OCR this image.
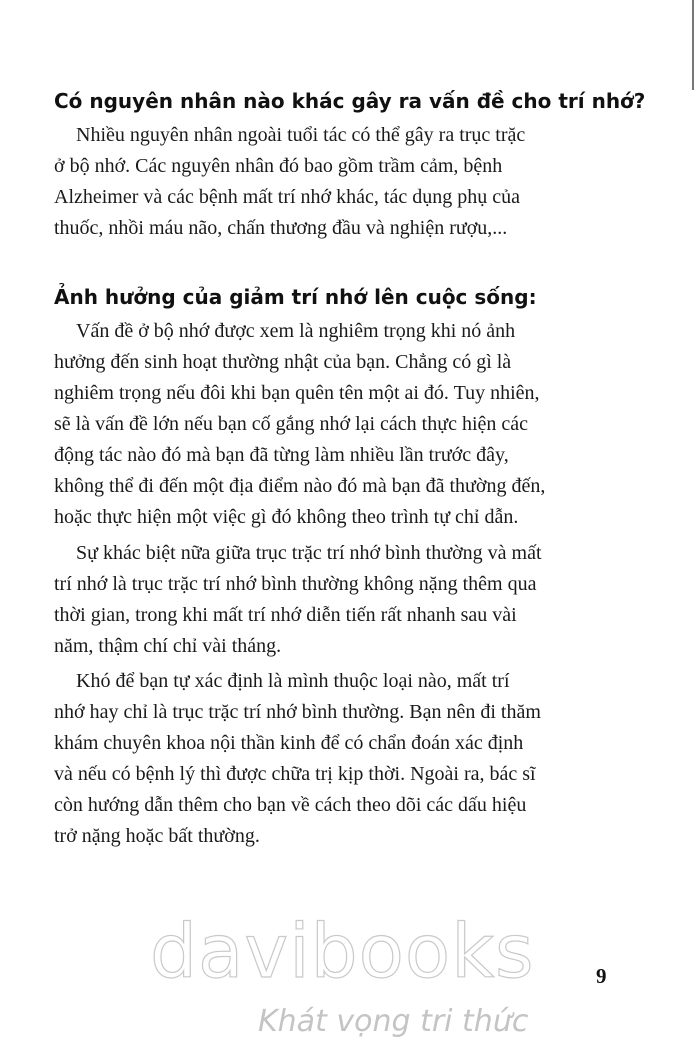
Có nguyên nhân nào khác gây ra vấn đề cho trí nhớ?
Nhiều nguyên nhân ngoài tuổi tác có thể gây ra trục trặc
ở bộ nhớ. Các nguyên nhân đó bao gồm trầm cảm, bệnh
Alzheimer và các bệnh mất trí nhớ khác, tác dụng phụ của
thuốc, nhồi máu não, chấn thương đầu và nghiện rượu,...
Ảnh hưởng của giảm trí nhớ lên cuộc sống:
Vấn đề ở bộ nhớ được xem là nghiêm trọng khi nó ảnh
hưởng đến sinh hoạt thường nhật của bạn. Chẳng có gì là
nghiêm trọng nếu đôi khi bạn quên tên một ai đó. Tuy nhiên,
sẽ là vấn đề lớn nếu bạn cố gắng nhớ lại cách thực hiện các
động tác nào đó mà bạn đã từng làm nhiều lần trước đây,
không thể đi đến một địa điểm nào đó mà bạn đã thường đến,
hoặc thực hiện một việc gì đó không theo trình tự chỉ dẫn.
Sự khác biệt nữa giữa trục trặc trí nhớ bình thường và mất
trí nhớ là trục trặc trí nhớ bình thường không nặng thêm qua
thời gian, trong khi mất trí nhớ diễn tiến rất nhanh sau vài
năm, thậm chí chỉ vài tháng.
Khó để bạn tự xác định là mình thuộc loại nào, mất trí
nhớ hay chỉ là trục trặc trí nhớ bình thường. Bạn nên đi thăm
khám chuyên khoa nội thần kinh để có chẩn đoán xác định
và nếu có bệnh lý thì được chữa trị kịp thời. Ngoài ra, bác sĩ
còn hướng dẫn thêm cho bạn về cách theo dõi các dấu hiệu
trở nặng hoặc bất thường.
davibooks
Khát vọng tri thức
9
